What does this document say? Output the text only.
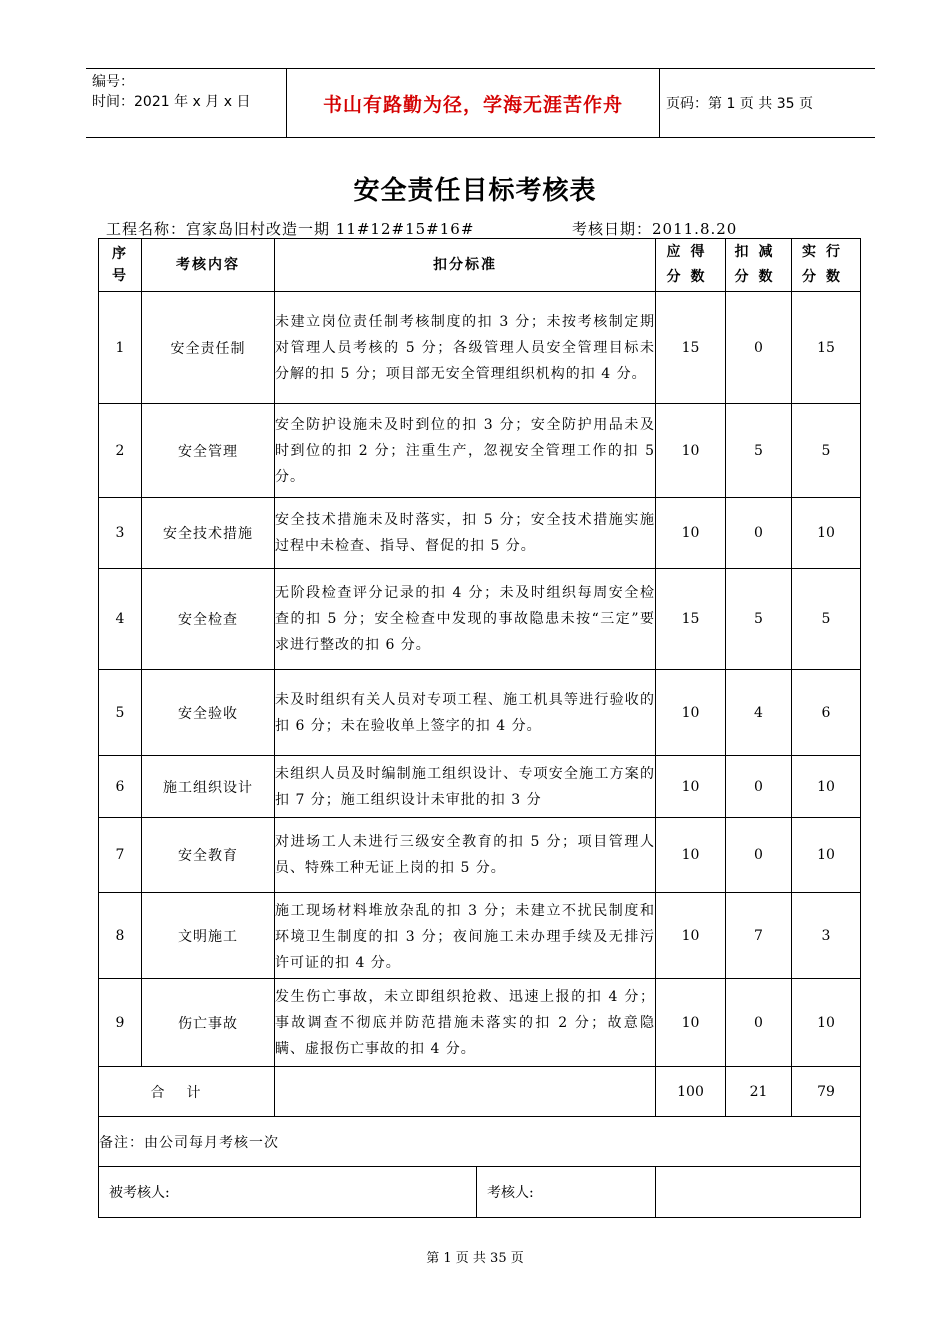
编号：
时间：2021 年 x 月 x 日	书山有路勤为径，学海无涯苦作舟	页码：第 1 页 共 35 页
安全责任目标考核表
工程名称：宫家岛旧村改造一期 11#12#15#16#	考核日期：2011.8.20
序号	考核内容	扣分标准	应得分数	扣减分数	实行分数

1	安全责任制	未建立岗位责任制考核制度的扣 3 分；未按考核制定期对管理人员考核的 5 分；各级管理人员安全管理目标未分解的扣 5 分；项目部无安全管理组织机构的扣 4 分。	15	0	15
2	安全管理	安全防护设施未及时到位的扣 3 分；安全防护用品未及时到位的扣 2 分；注重生产，忽视安全管理工作的扣 5 分。	10	5	5
3	安全技术措施	安全技术措施未及时落实，扣 5 分；安全技术措施实施过程中未检查、指导、督促的扣 5 分。	10	0	10
4	安全检查	无阶段检查评分记录的扣 4 分；未及时组织每周安全检查的扣 5 分；安全检查中发现的事故隐患未按“三定”要求进行整改的扣 6 分。	15	5	5
5	安全验收	未及时组织有关人员对专项工程、施工机具等进行验收的扣 6 分；未在验收单上签字的扣 4 分。	10	4	6
6	施工组织设计	未组织人员及时编制施工组织设计、专项安全施工方案的扣 7 分；施工组织设计未审批的扣 3 分	10	0	10
7	安全教育	对进场工人未进行三级安全教育的扣 5 分；项目管理人员、特殊工种无证上岗的扣 5 分。	10	0	10
8	文明施工	施工现场材料堆放杂乱的扣 3 分；未建立不扰民制度和环境卫生制度的扣 3 分；夜间施工未办理手续及无排污许可证的扣 4 分。	10	7	3
9	伤亡事故	发生伤亡事故，未立即组织抢救、迅速上报的扣 4 分；事故调查不彻底并防范措施未落实的扣 2 分；故意隐瞒、虚报伤亡事故的扣 4 分。	10	0	10
合计			100	21	79
备注：由公司每月考核一次					

被考核人: 考核人:					

第 1 页 共 35 页
